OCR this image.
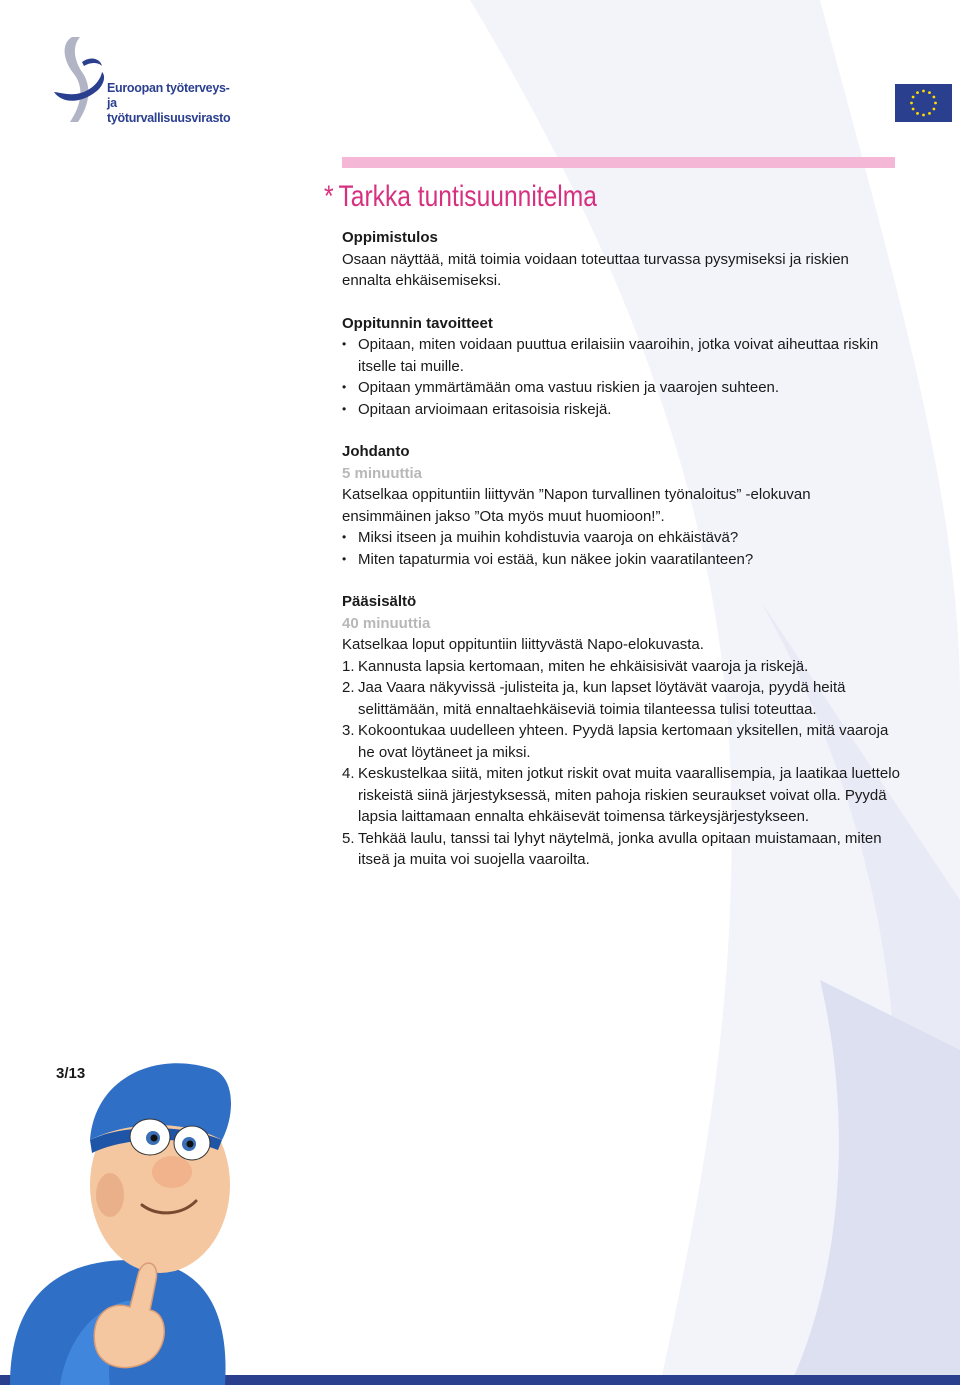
Euroopan työterveys- ja
työturvallisuusvirasto
* Tarkka tuntisuunnitelma
Oppimistulos

Osaan näyttää, mitä toimia voidaan toteuttaa turvassa pysymiseksi ja riskien ennalta ehkäisemiseksi.

Oppitunnin tavoitteet
• Opitaan, miten voidaan puuttua erilaisiin vaaroihin, jotka voivat aiheuttaa riskin itselle tai muille.
• Opitaan ymmärtämään oma vastuu riskien ja vaarojen suhteen.
• Opitaan arvioimaan eritasoisia riskejä.
Johdanto
5 minuuttia

Katselkaa oppituntiin liittyvän ”Napon turvallinen työnaloitus” -elokuvan ensimmäinen jakso ”Ota myös muut huomioon!”.

• Miksi itseen ja muihin kohdistuvia vaaroja on ehkäistävä?
• Miten tapaturmia voi estää, kun näkee jokin vaaratilanteen?
Pääsisältö
40 minuuttia

Katselkaa loput oppituntiin liittyvästä Napo-elokuvasta.

1. Kannusta lapsia kertomaan, miten he ehkäisisivät vaaroja ja riskejä.
2. Jaa Vaara näkyvissä -julisteita ja, kun lapset löytävät vaaroja, pyydä heitä selittämään, mitä ennaltaehkäiseviä toimia tilanteessa tulisi toteuttaa.
3. Kokoontukaa uudelleen yhteen. Pyydä lapsia kertomaan yksitellen, mitä vaaroja he ovat löytäneet ja miksi.
4. Keskustelkaa siitä, miten jotkut riskit ovat muita vaarallisempia, ja laatikaa luettelo riskeistä siinä järjestyksessä, miten pahoja riskien seuraukset voivat olla. Pyydä lapsia laittamaan ennalta ehkäisevät toimensa tärkeysjärjestykseen.
5. Tehkää laulu, tanssi tai lyhyt näytelmä, jonka avulla opitaan muistamaan, miten itseä ja muita voi suojella vaaroilta.
3/13
